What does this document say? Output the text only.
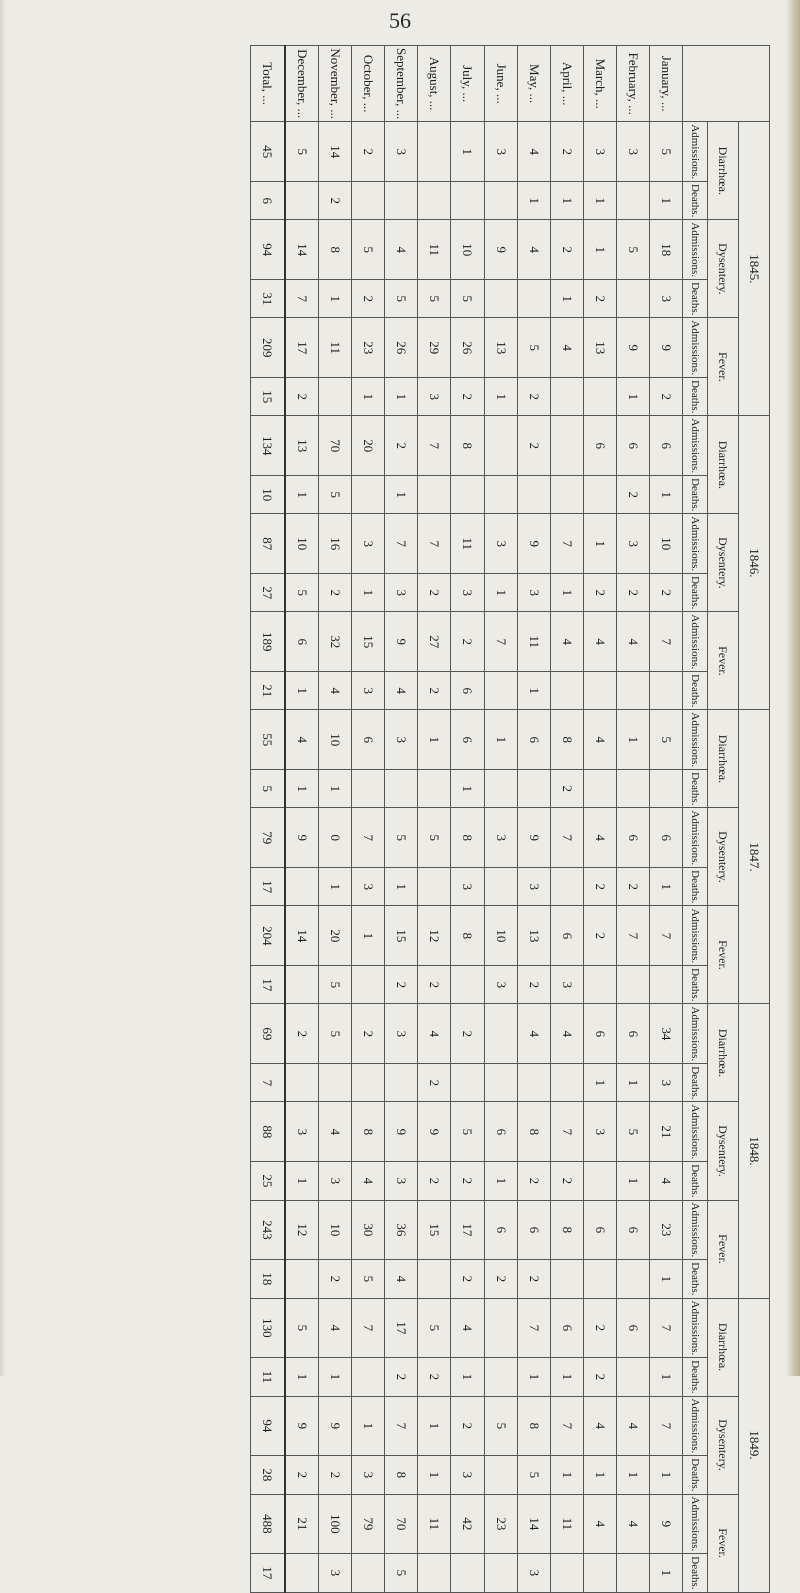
56
	1845.						1846.						1847.						1848.						1849.					
	Diarrhœa.		Dysentery.		Fever.		Diarrhœa.		Dysentery.		Fever.		Diarrhœa.		Dysentery.		Fever.		Diarrhœa.		Dysentery.		Fever.		Diarrhœa.		Dysentery.		Fever.	
	Admissions.	Deaths.	Admissions.	Deaths.	Admissions.	Deaths.	Admissions.	Deaths.	Admissions.	Deaths.	Admissions.	Deaths.	Admissions.	Deaths.	Admissions.	Deaths.	Admissions.	Deaths.	Admissions.	Deaths.	Admissions.	Deaths.	Admissions.	Deaths.	Admissions.	Deaths.	Admissions.	Deaths.	Admissions.	Deaths.
January, ...	5	1	18	3	9	2	6	1	10	2	7		5		6	1	7		34	3	21	4	23	1	7	1	7	1	9	1
February, ...	3		5		9	1	6	2	3	2	4		1		6	2	7		6	1	5	1	6		6		4	1	4	
March, ...	3	1	1	2	13		6		1	2	4		4		4	2	2		6	1	3		6		2	2	4	1	4	
April, ...	2	1	2	1	4				7	1	4		8	2	7		6	3	4		7	2	8		6	1	7	1	11	
May, ...	4	1	4		5	2	2		9	3	11	1	6		9	3	13	2	4		8	2	6	2	7	1	8	5	14	3
June, ...	3		9		13	1			3	1	7		1		3		10	3			6	1	6	2			5		23	
July, ...	1		10	5	26	2	8		11	3	2	6	6	1	8	3	8		2		5	2	17	2	4	1	2	3	42	
August, ...			11	5	29	3	7		7	2	27	2	1		5		12	2	4	2	9	2	15		5	2	1	1	11	
September, ...	3		4	5	26	1	2	1	7	3	9	4	3		5	1	15	2	3		9	3	36	4	17	2	7	8	70	5
October, ...	2		5	2	23	1	20		3	1	15	3	6		7	3	1		2		8	4	30	5	7		1	3	79	
November, ...	14	2	8	1	11		70	5	16	2	32	4	10	1	0	1	20	5	5		4	3	10	2	4	1	9	2	100	3
December, ...	5		14	7	17	2	13	1	10	5	6	1	4	1	9		14		2		3	1	12		5	1	9	2	21	
Total, ...	45	6	94	31	209	15	134	10	87	27	189	21	55	5	79	17	204	17	69	7	88	25	243	18	130	11	94	28	488	17
